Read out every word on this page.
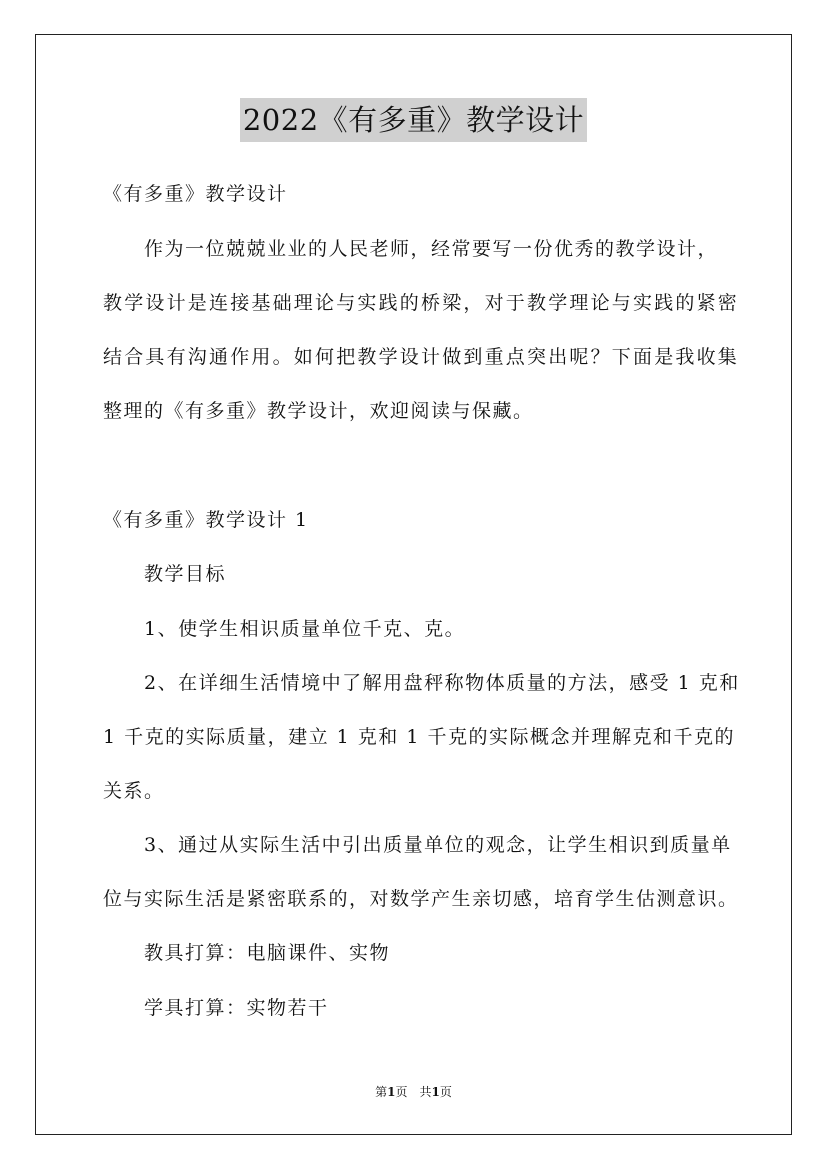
2022《有多重》教学设计
《有多重》教学设计
作为一位兢兢业业的人民老师，经常要写一份优秀的教学设计，
教学设计是连接基础理论与实践的桥梁，对于教学理论与实践的紧密
结合具有沟通作用。如何把教学设计做到重点突出呢？下面是我收集
整理的《有多重》教学设计，欢迎阅读与保藏。
《有多重》教学设计 1
教学目标
1、使学生相识质量单位千克、克。
2、在详细生活情境中了解用盘秤称物体质量的方法，感受 1 克和
1 千克的实际质量，建立 1 克和 1 千克的实际概念并理解克和千克的
关系。
3、通过从实际生活中引出质量单位的观念，让学生相识到质量单
位与实际生活是紧密联系的，对数学产生亲切感，培育学生估测意识。
教具打算：电脑课件、实物
学具打算：实物若干
第1页　共1页
